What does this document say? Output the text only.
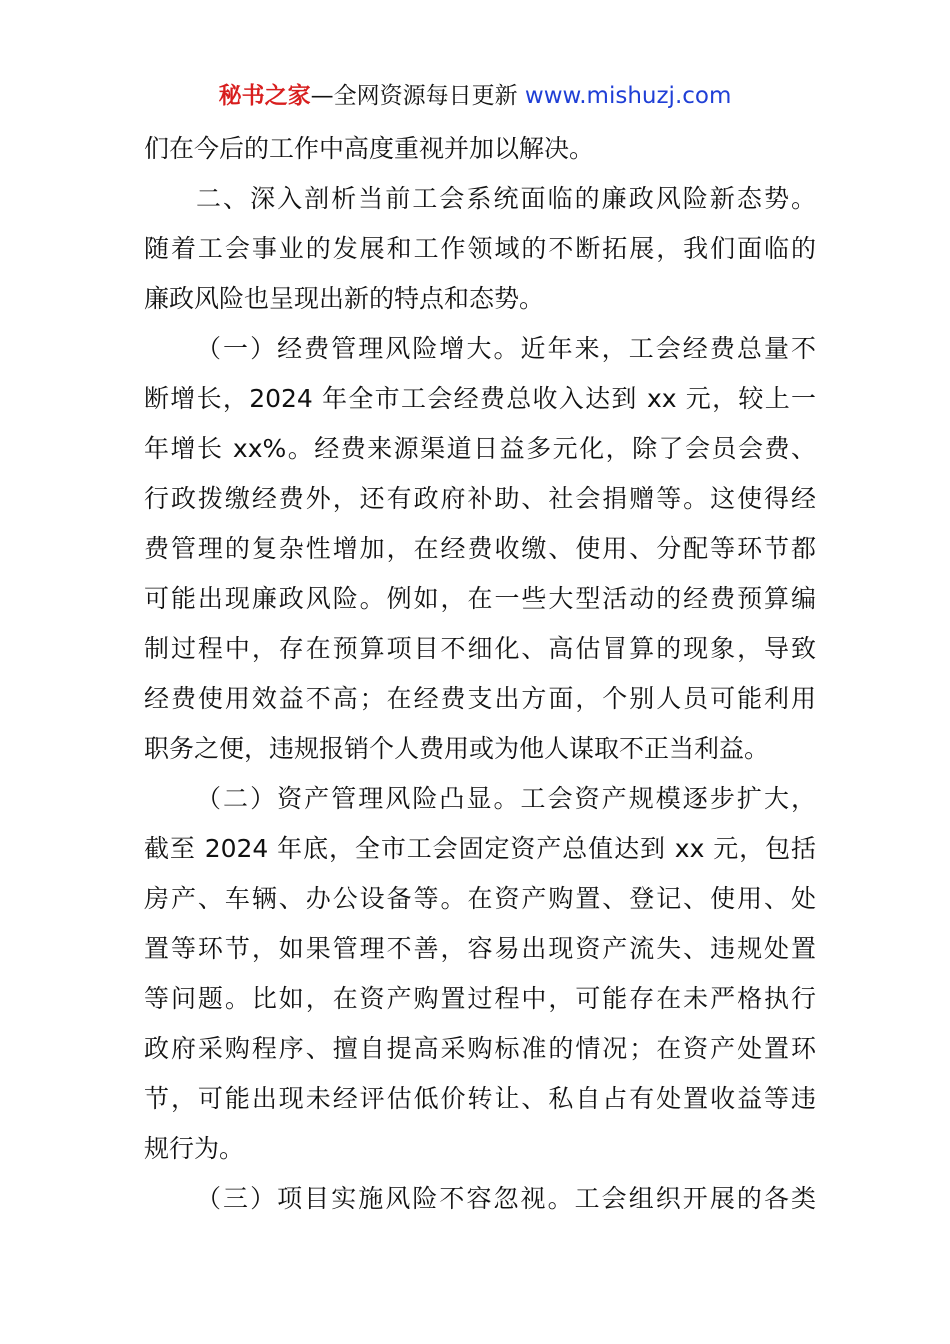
秘书之家—全网资源每日更新 www.mishuzj.com
们在今后的工作中高度重视并加以解决。
二、深入剖析当前工会系统面临的廉政风险新态势。
随着工会事业的发展和工作领域的不断拓展，我们面临的
廉政风险也呈现出新的特点和态势。
（一）经费管理风险增大。近年来，工会经费总量不
断增长，2024 年全市工会经费总收入达到 xx 元，较上一
年增长 xx%。经费来源渠道日益多元化，除了会员会费、
行政拨缴经费外，还有政府补助、社会捐赠等。这使得经
费管理的复杂性增加，在经费收缴、使用、分配等环节都
可能出现廉政风险。例如，在一些大型活动的经费预算编
制过程中，存在预算项目不细化、高估冒算的现象，导致
经费使用效益不高；在经费支出方面，个别人员可能利用
职务之便，违规报销个人费用或为他人谋取不正当利益。
（二）资产管理风险凸显。工会资产规模逐步扩大，
截至 2024 年底，全市工会固定资产总值达到 xx 元，包括
房产、车辆、办公设备等。在资产购置、登记、使用、处
置等环节，如果管理不善，容易出现资产流失、违规处置
等问题。比如，在资产购置过程中，可能存在未严格执行
政府采购程序、擅自提高采购标准的情况；在资产处置环
节，可能出现未经评估低价转让、私自占有处置收益等违
规行为。
（三）项目实施风险不容忽视。工会组织开展的各类
